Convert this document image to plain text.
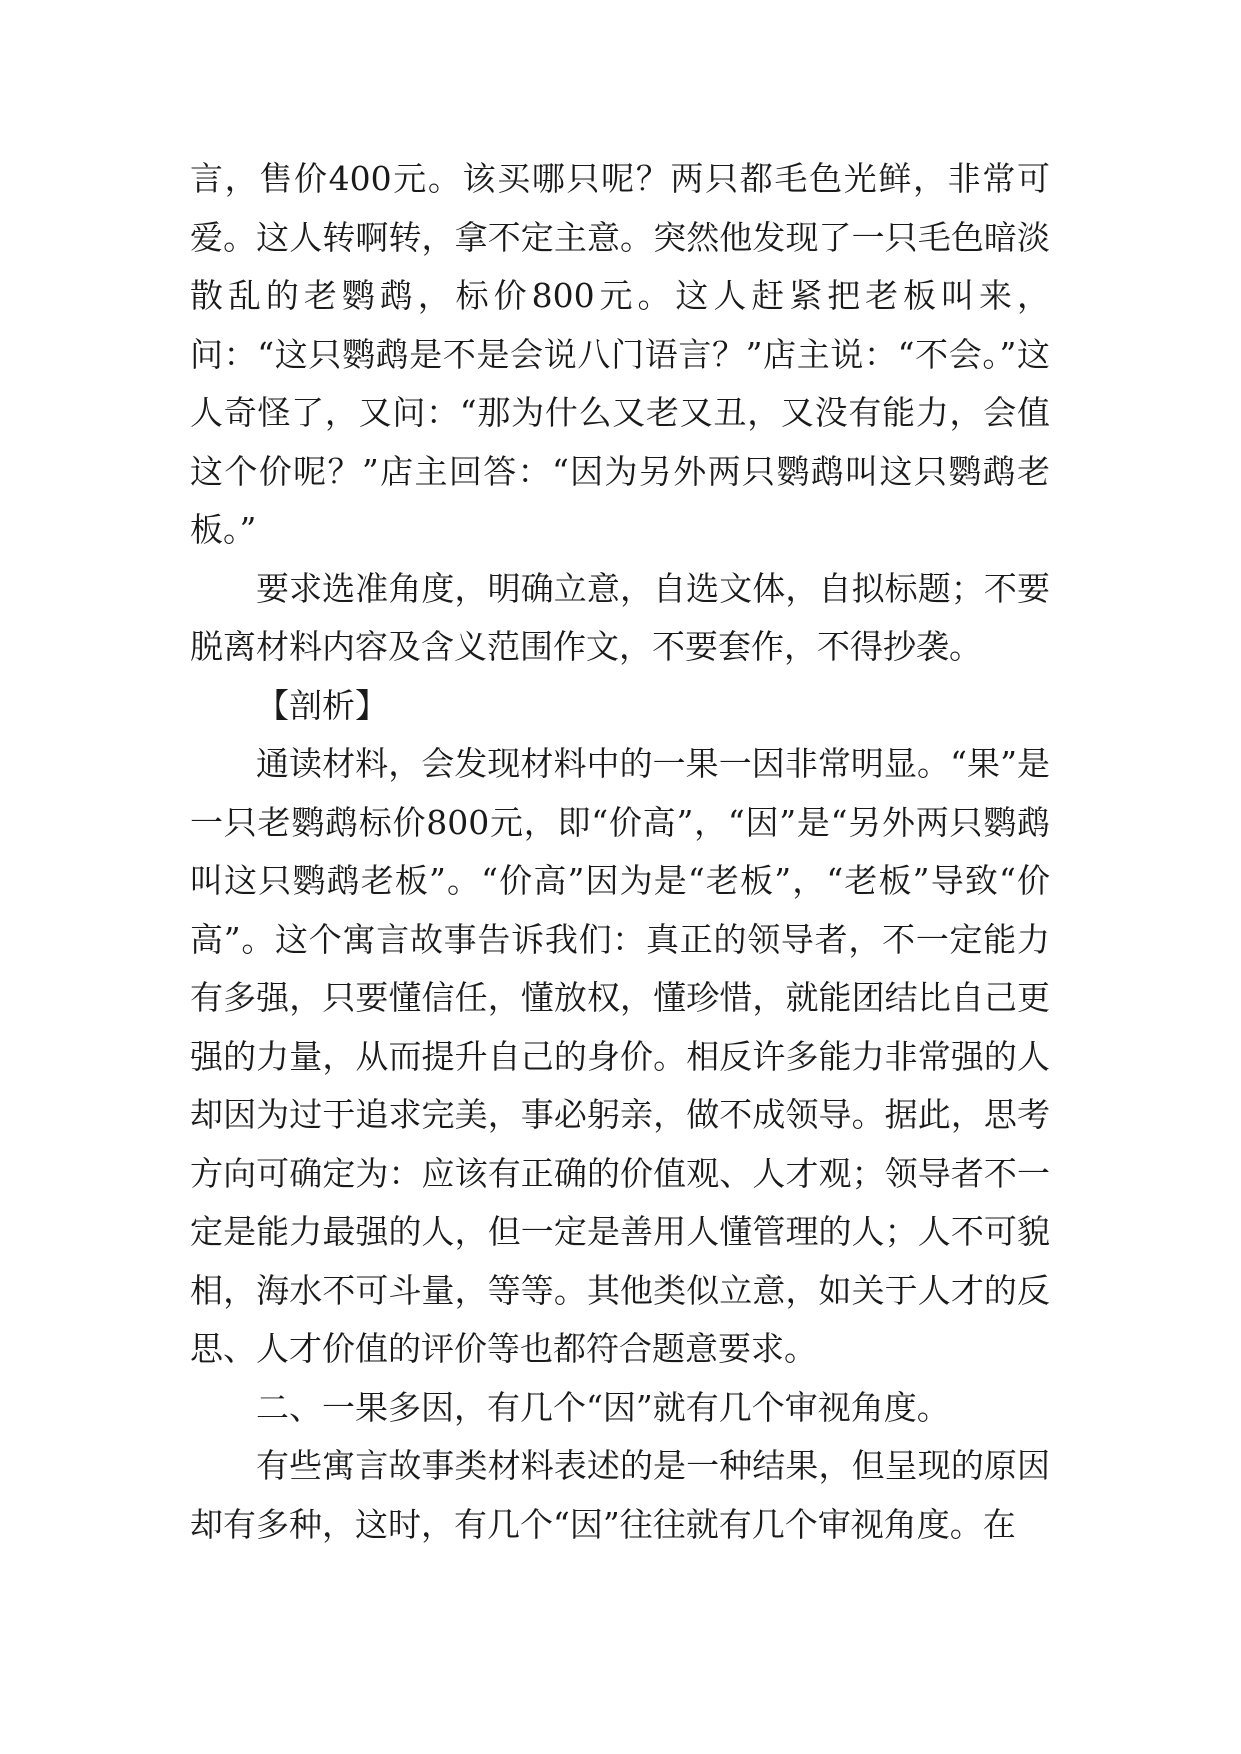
言，售价400元。该买哪只呢？两只都毛色光鲜，非常可爱。这人转啊转，拿不定主意。突然他发现了一只毛色暗淡散乱的老鹦鹉，标价800元。这人赶紧把老板叫来，问：“这只鹦鹉是不是会说八门语言？”店主说：“不会。”这人奇怪了，又问：“那为什么又老又丑，又没有能力，会值这个价呢？”店主回答：“因为另外两只鹦鹉叫这只鹦鹉老板。”

要求选准角度，明确立意，自选文体，自拟标题；不要脱离材料内容及含义范围作文，不要套作，不得抄袭。

【剖析】

通读材料，会发现材料中的一果一因非常明显。“果”是一只老鹦鹉标价800元，即“价高”，“因”是“另外两只鹦鹉叫这只鹦鹉老板”。“价高”因为是“老板”，“老板”导致“价高”。这个寓言故事告诉我们：真正的领导者，不一定能力有多强，只要懂信任，懂放权，懂珍惜，就能团结比自己更强的力量，从而提升自己的身价。相反许多能力非常强的人却因为过于追求完美，事必躬亲，做不成领导。据此，思考方向可确定为：应该有正确的价值观、人才观；领导者不一定是能力最强的人，但一定是善用人懂管理的人；人不可貌相，海水不可斗量，等等。其他类似立意，如关于人才的反思、人才价值的评价等也都符合题意要求。

二、一果多因，有几个“因”就有几个审视角度。

有些寓言故事类材料表述的是一种结果，但呈现的原因却有多种，这时，有几个“因”往往就有几个审视角度。在
